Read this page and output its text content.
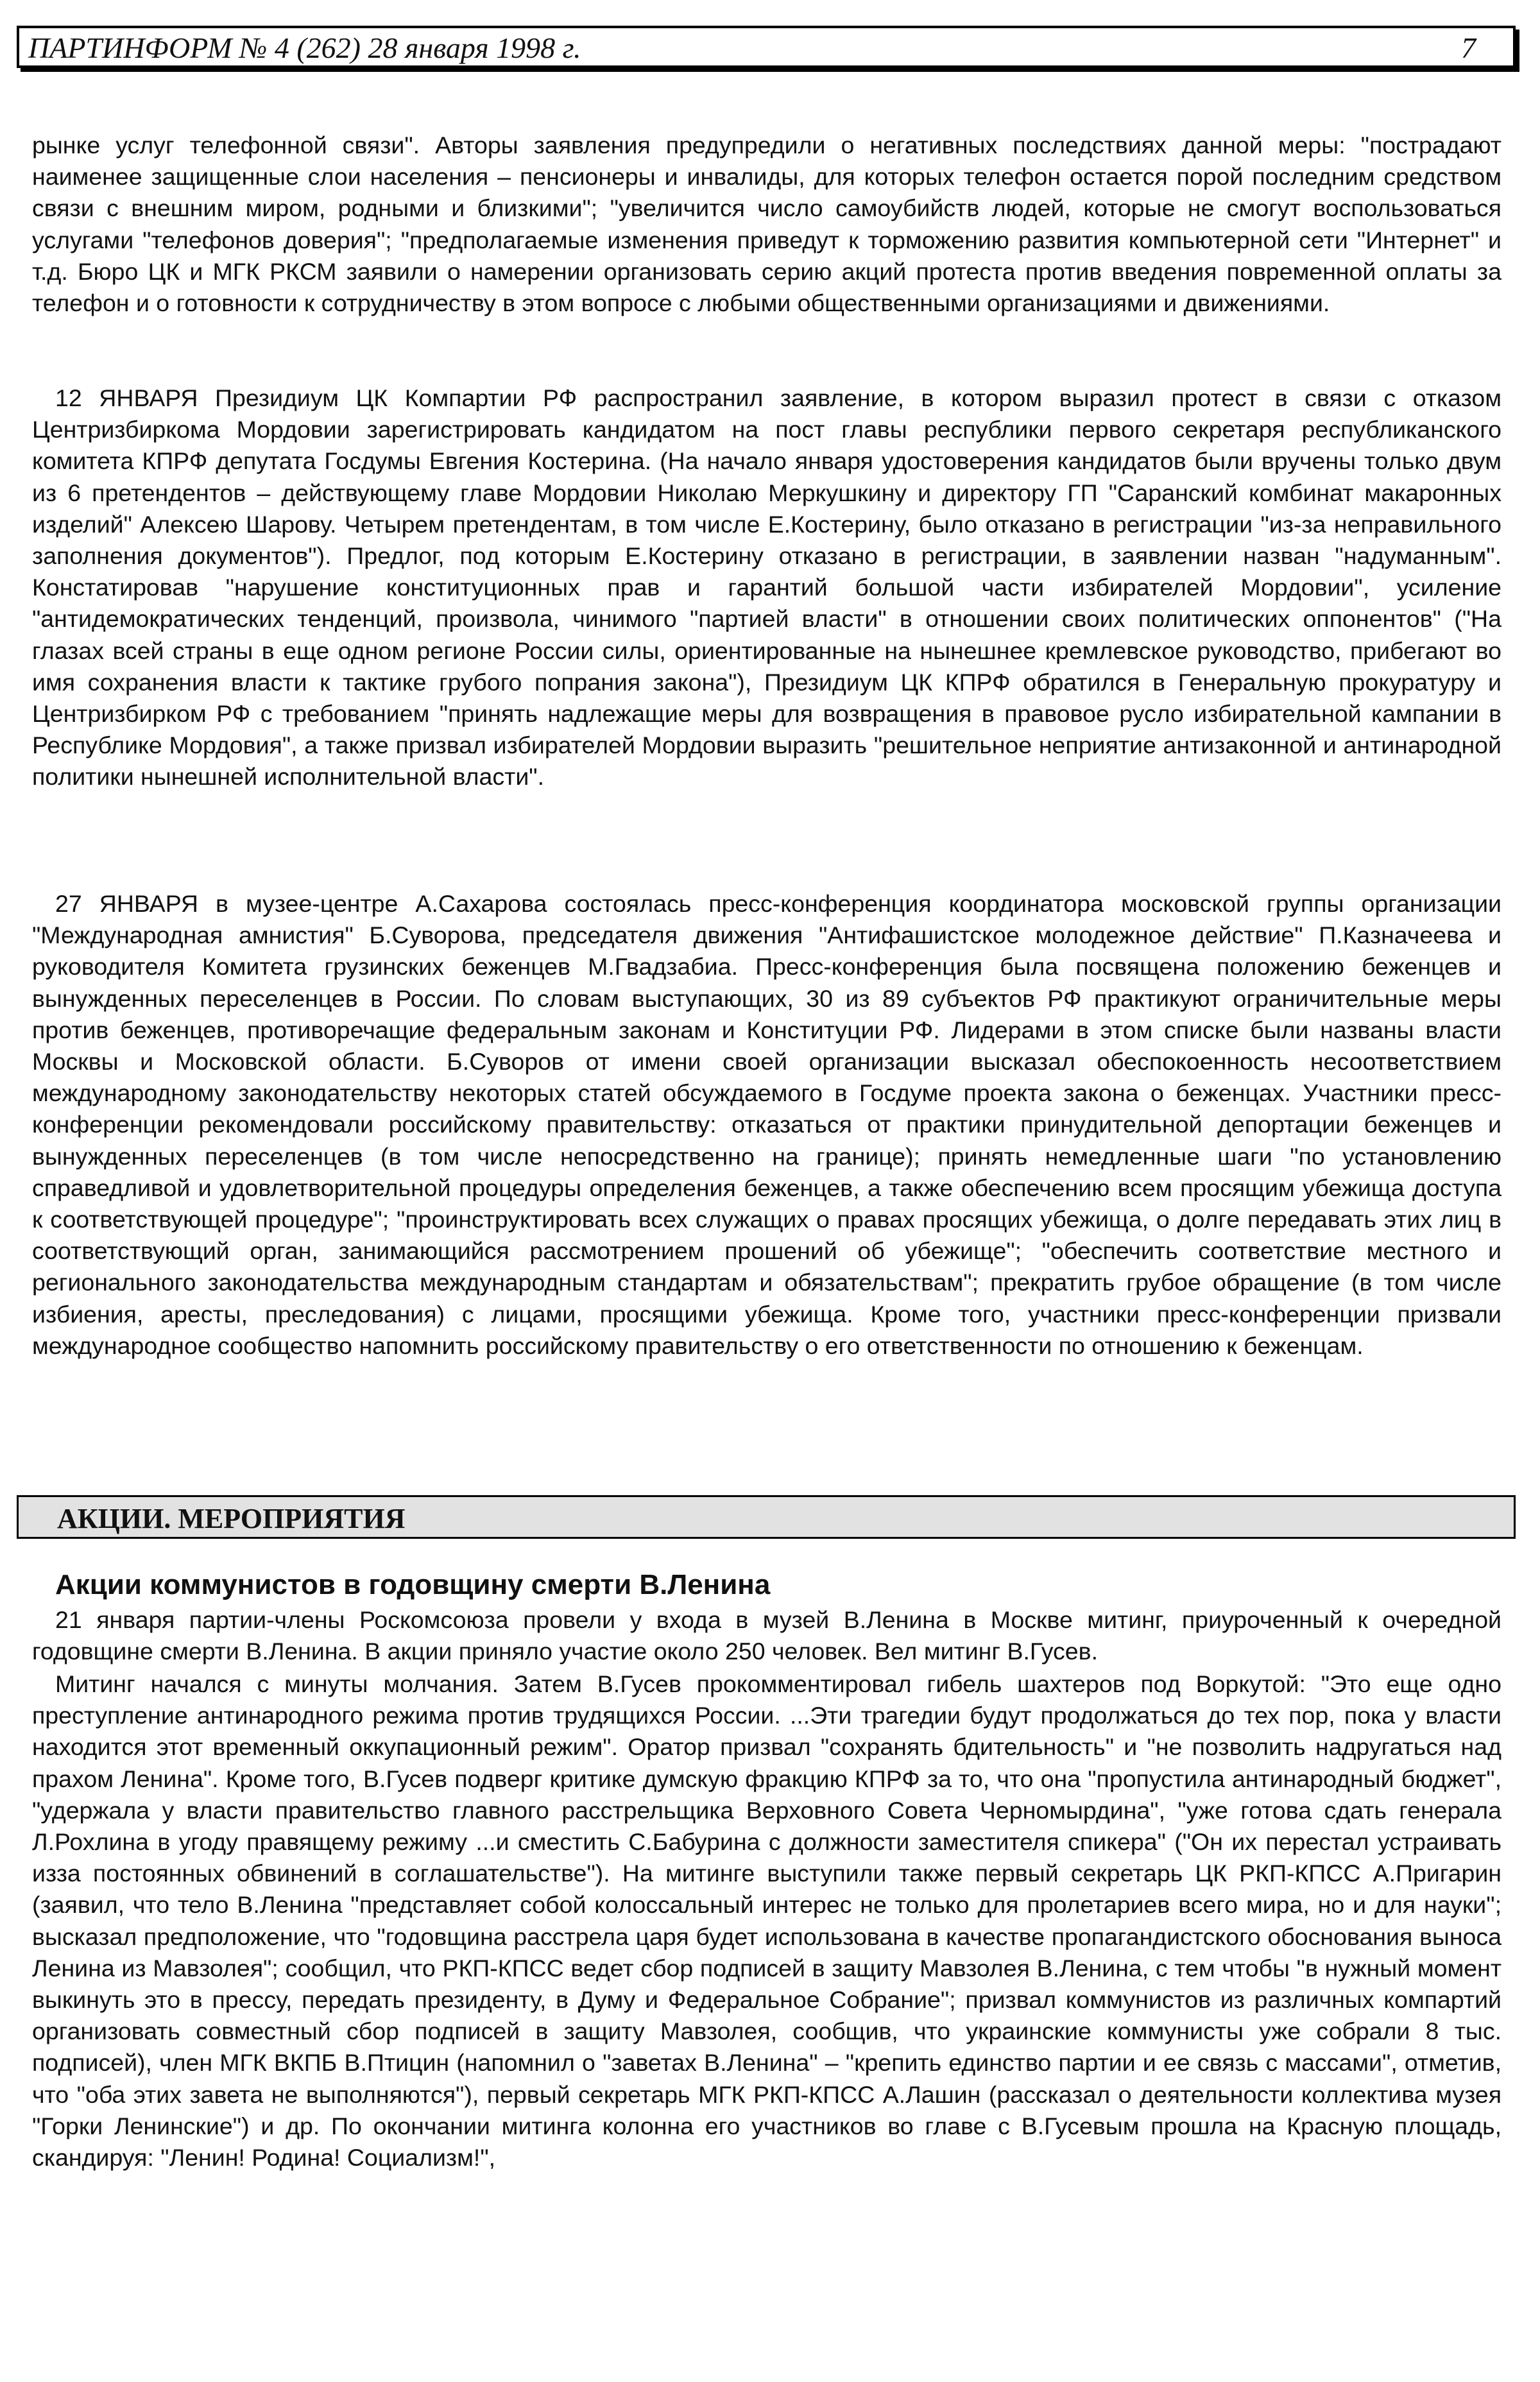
ПАРТИНФОРМ № 4 (262) 28 января 1998 г.	7

рынке услуг телефонной связи". Авторы заявления предупредили о негативных последствиях данной меры: "пострадают наименее защищенные слои населения – пенсионеры и инвалиды, для которых телефон остается порой последним средством связи с внешним миром, родными и близкими"; "увеличится число самоубийств людей, которые не смогут воспользоваться услугами "телефонов доверия"; "предполагаемые изменения приведут к торможению развития компьютерной сети "Интернет" и т.д. Бюро ЦК и МГК РКСМ заявили о намерении организовать серию акций протеста против введения повременной оплаты за телефон и о готовности к сотрудничеству в этом вопросе с любыми общественными организациями и движениями.

12 ЯНВАРЯ Президиум ЦК Компартии РФ распространил заявление, в котором выразил протест в связи с отказом Центризбиркома Мордовии зарегистрировать кандидатом на пост главы республики первого секретаря республиканского комитета КПРФ депутата Госдумы Евгения Костерина. (На начало января удостоверения кандидатов были вручены только двум из 6 претендентов – действующему главе Мордовии Николаю Меркушкину и директору ГП "Саранский комбинат макаронных изделий" Алексею Шарову. Четырем претендентам, в том числе Е.Костерину, было отказано в регистрации "из-за неправильного заполнения документов"). Предлог, под которым Е.Костерину отказано в регистрации, в заявлении назван "надуманным". Констатировав "нарушение конституционных прав и гарантий большой части избирателей Мордовии", усиление "антидемократических тенденций, произвола, чинимого "партией власти" в отношении своих политических оппонентов" ("На глазах всей страны в еще одном регионе России силы, ориентированные на нынешнее кремлевское руководство, прибегают во имя сохранения власти к тактике грубого попрания закона"), Президиум ЦК КПРФ обратился в Генеральную прокуратуру и Центризбирком РФ с требованием "принять надлежащие меры для возвращения в правовое русло избирательной кампании в Республике Мордовия", а также призвал избирателей Мордовии выразить "решительное неприятие антизаконной и антинародной политики нынешней исполнительной власти".

27 ЯНВАРЯ в музее-центре А.Сахарова состоялась пресс-конференция координатора московской группы организации "Международная амнистия" Б.Суворова, председателя движения "Антифашистское молодежное действие" П.Казначеева и руководителя Комитета грузинских беженцев М.Гвадзабиа. Пресс-конференция была посвящена положению беженцев и вынужденных переселенцев в России. По словам выступающих, 30 из 89 субъектов РФ практикуют ограничительные меры против беженцев, противоречащие федеральным законам и Конституции РФ. Лидерами в этом списке были названы власти Москвы и Московской области. Б.Суворов от имени своей организации высказал обеспокоенность несоответствием международному законодательству некоторых статей обсуждаемого в Госдуме проекта закона о беженцах. Участники пресс-конференции рекомендовали российскому правительству: отказаться от практики принудительной депортации беженцев и вынужденных переселенцев (в том числе непосредственно на границе); принять немедленные шаги "по установлению справедливой и удовлетворительной процедуры определения беженцев, а также обеспечению всем просящим убежища доступа к соответствующей процедуре"; "проинструктировать всех служащих о правах просящих убежища, о долге передавать этих лиц в соответствующий орган, занимающийся рассмотрением прошений об убежище"; "обеспечить соответствие местного и регионального законодательства международным стандартам и обязательствам"; прекратить грубое обращение (в том числе избиения, аресты, преследования) с лицами, просящими убежища. Кроме того, участники пресс-конференции призвали международное сообщество напомнить российскому правительству о его ответственности по отношению к беженцам.

АКЦИИ. МЕРОПРИЯТИЯ
Акции коммунистов в годовщину смерти В.Ленина

21 января партии-члены Роскомсоюза провели у входа в музей В.Ленина в Москве митинг, приуроченный к очередной годовщине смерти В.Ленина. В акции приняло участие около 250 человек. Вел митинг В.Гусев.

Митинг начался с минуты молчания. Затем В.Гусев прокомментировал гибель шахтеров под Воркутой: "Это еще одно преступление антинародного режима против трудящихся России. ...Эти трагедии будут продолжаться до тех пор, пока у власти находится этот временный оккупационный режим". Оратор призвал "сохранять бдительность" и "не позволить надругаться над прахом Ленина". Кроме того, В.Гусев подверг критике думскую фракцию КПРФ за то, что она "пропустила антинародный бюджет", "удержала у власти правительство главного расстрельщика Верховного Совета Черномырдина", "уже готова сдать генерала Л.Рохлина в угоду правящему режиму ...и сместить С.Бабурина с должности заместителя спикера" ("Он их перестал устраивать изза постоянных обвинений в соглашательстве"). На митинге выступили также первый секретарь ЦК РКП-КПСС А.Пригарин (заявил, что тело В.Ленина "представляет собой колоссальный интерес не только для пролетариев всего мира, но и для науки"; высказал предположение, что "годовщина расстрела царя будет использована в качестве пропагандистского обоснования выноса Ленина из Мавзолея"; сообщил, что РКП-КПСС ведет сбор подписей в защиту Мавзолея В.Ленина, с тем чтобы "в нужный момент выкинуть это в прессу, передать президенту, в Думу и Федеральное Собрание"; призвал коммунистов из различных компартий организовать совместный сбор подписей в защиту Мавзолея, сообщив, что украинские коммунисты уже собрали 8 тыс. подписей), член МГК ВКПБ В.Птицин (напомнил о "заветах В.Ленина" – "крепить единство партии и ее связь с массами", отметив, что "оба этих завета не выполняются"), первый секретарь МГК РКП-КПСС А.Лашин (рассказал о деятельности коллектива музея "Горки Ленинские") и др. По окончании митинга колонна его участников во главе с В.Гусевым прошла на Красную площадь, скандируя: "Ленин! Родина! Социализм!",
